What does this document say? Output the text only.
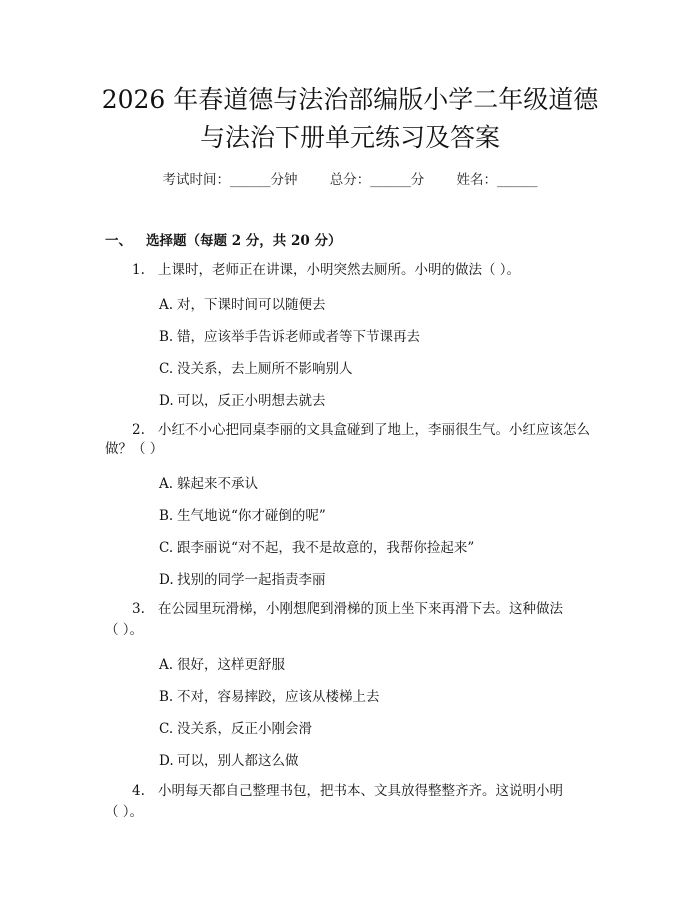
2026 年春道德与法治部编版小学二年级道德
与法治下册单元练习及答案
考试时间：______分钟 总分：______分 姓名：______
一、 选择题（每题 2 分，共 20 分）
1. 上课时，老师正在讲课，小明突然去厕所。小明的做法（ ）。
A. 对，下课时间可以随便去
B. 错，应该举手告诉老师或者等下节课再去
C. 没关系，去上厕所不影响别人
D. 可以，反正小明想去就去
2. 小红不小心把同桌李丽的文具盒碰到了地上，李丽很生气。小红应该怎么
做？（ ）
A. 躲起来不承认
B. 生气地说“你才碰倒的呢”
C. 跟李丽说“对不起，我不是故意的，我帮你捡起来”
D. 找别的同学一起指责李丽
3. 在公园里玩滑梯，小刚想爬到滑梯的顶上坐下来再滑下去。这种做法
（ ）。
A. 很好，这样更舒服
B. 不对，容易摔跤，应该从楼梯上去
C. 没关系，反正小刚会滑
D. 可以，别人都这么做
4. 小明每天都自己整理书包，把书本、文具放得整整齐齐。这说明小明
（ ）。
